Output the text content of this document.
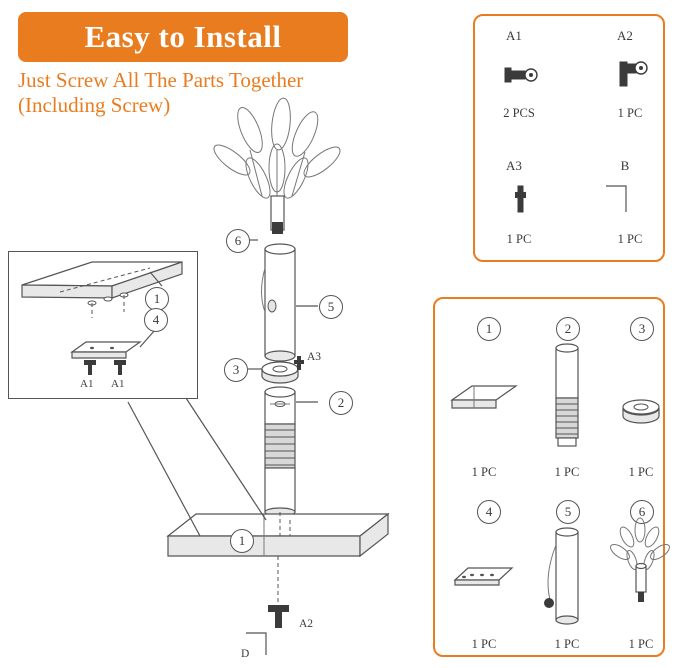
Easy to Install
Just Screw All The Parts Together
(Including Screw)
A1
2 PCS
A2
1 PC
A3
1 PC
B
1 PC
1
1 PC
2
1 PC
3
1 PC
4
1 PC
5
1 PC
6
1 PC
1
4
A1 A1
6
5
3
2
1
A3
A2
D
